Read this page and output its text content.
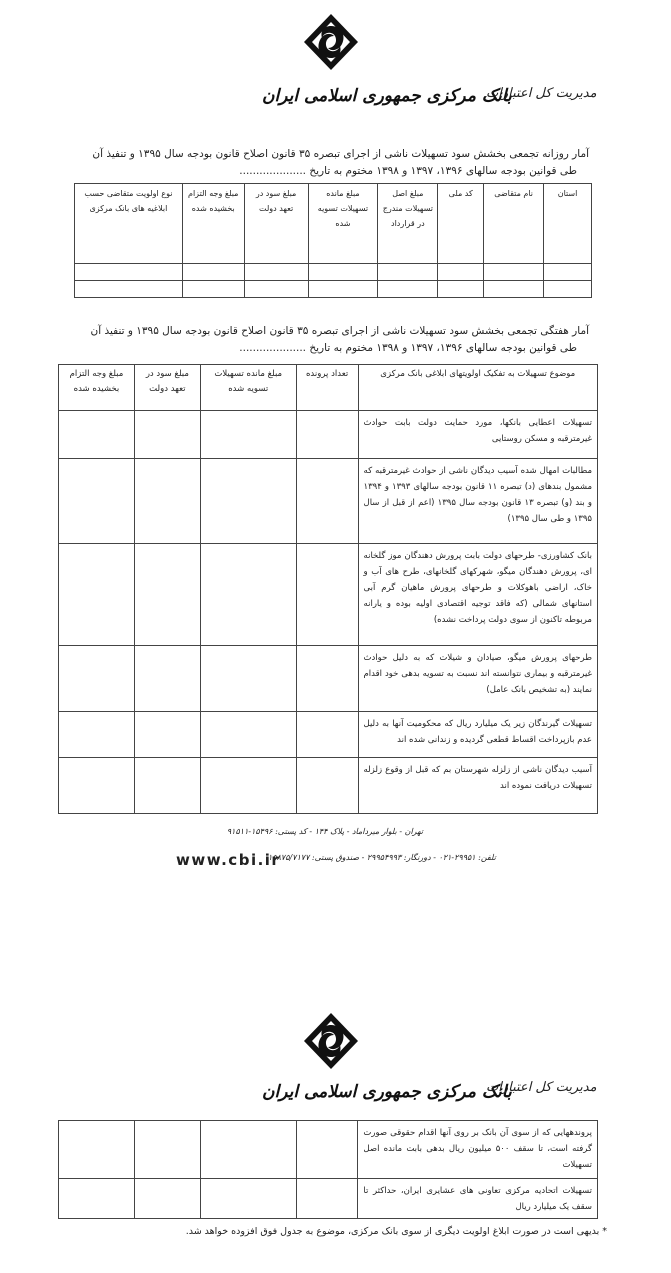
بانک مرکزی جمهوری اسلامی ایران
مدیریت کل اعتبارات
آمار روزانه تجمعی بخشش سود تسهیلات ناشی از اجرای تبصره ۳۵ قانون اصلاح قانون بودجه سال ۱۳۹۵ و تنفیذ آن
طی قوانین بودجه سالهای ۱۳۹۶، ۱۳۹۷ و ۱۳۹۸ مختوم به تاریخ ....................
استان	نام متقاضی	کد ملی	مبلغ اصل تسهیلات مندرج در قرارداد	مبلغ مانده تسهیلات تسویه شده	مبلغ سود در تعهد دولت	مبلغ وجه التزام بخشیده شده	نوع اولویت متقاضی حسب ابلاغیه های بانک مرکزی

آمار هفتگی تجمعی بخشش سود تسهیلات ناشی از اجرای تبصره ۳۵ قانون اصلاح قانون بودجه سال ۱۳۹۵ و تنفیذ آن
طی قوانین بودجه سالهای ۱۳۹۶، ۱۳۹۷ و ۱۳۹۸ مختوم به تاریخ ....................
موضوع تسهیلات به تفکیک اولویتهای ابلاغی بانک مرکزی	تعداد پرونده	مبلغ مانده تسهیلات تسویه شده	مبلغ سود در تعهد دولت	مبلغ وجه التزام بخشیده شده
تسهیلات اعطایی بانکها، مورد حمایت دولت بابت حوادث غیرمترقبه و مسکن روستایی				
مطالبات امهال شده آسیب دیدگان ناشی از حوادث غیرمترقبه که مشمول بندهای (د) تبصره ۱۱ قانون بودجه سالهای ۱۳۹۳ و ۱۳۹۴ و بند (و) تبصره ۱۳ قانون بودجه سال ۱۳۹۵ (اعم از قبل از سال ۱۳۹۵ و طی سال ۱۳۹۵)				
بانک کشاورزی- طرحهای دولت بابت پرورش دهندگان موز گلخانه ای، پرورش دهندگان میگو، شهرکهای گلخانهای، طرح های آب و خاک، اراضی باهوکلات و طرحهای پرورش ماهیان گرم آبی استانهای شمالی (که فاقد توجیه اقتصادی اولیه بوده و یارانه مربوطه تاکنون از سوی دولت پرداخت نشده)				
طرحهای پرورش میگو، صیادان و شیلات که به دلیل حوادث غیرمترقبه و بیماری نتوانسته اند نسبت به تسویه بدهی خود اقدام نمایند (به تشخیص بانک عامل)				
تسهیلات گیرندگان زیر یک میلیارد ریال که محکومیت آنها به دلیل عدم بازپرداخت اقساط قطعی گردیده و زندانی شده اند				
آسیب دیدگان ناشی از زلزله شهرستان بم که قبل از وقوع زلزله تسهیلات دریافت نموده اند				
تهران - بلوار میرداماد - پلاک ۱۴۴ - کد پستی: ۱۵۴۹۶-۹۱۵۱۱
تلفن: ۲۹۹۵۱-۰۲۱ - دورنگار: ۲۹۹۵۴۹۹۳ - صندوق پستی: ۱۵۸۷۵/۷۱۷۷
www.cbi.ir
بانک مرکزی جمهوری اسلامی ایران
مدیریت کل اعتبارات
پروندههایی که از سوی آن بانک بر روی آنها اقدام حقوقی صورت گرفته است، تا سقف ۵۰۰ میلیون ریال بدهی بابت مانده اصل تسهیلات				
تسهیلات اتحادیه مرکزی تعاونی های عشایری ایران، حداکثر تا سقف یک میلیارد ریال				
* بدیهی است در صورت ابلاغ اولویت دیگری از سوی بانک مرکزی، موضوع به جدول فوق افزوده خواهد شد.
